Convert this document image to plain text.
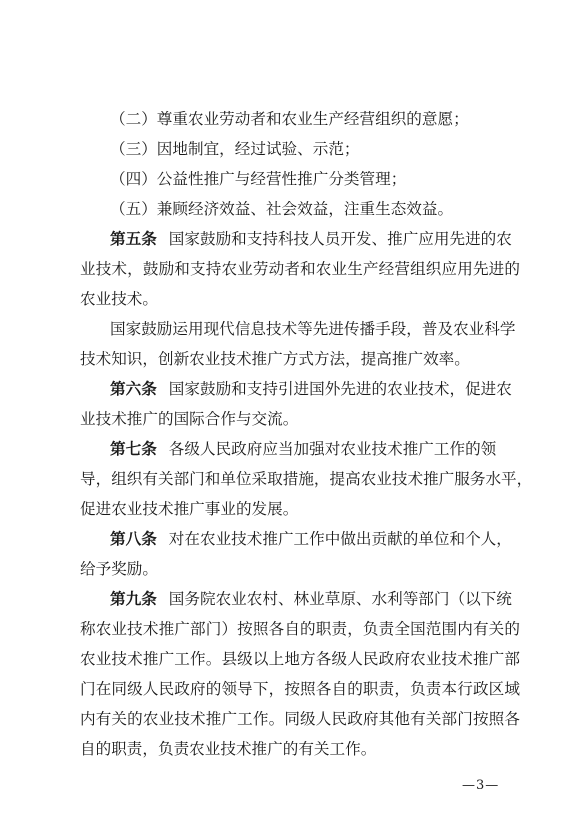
（二）尊重农业劳动者和农业生产经营组织的意愿；
（三）因地制宜，经过试验、示范；
（四）公益性推广与经营性推广分类管理；
（五）兼顾经济效益、社会效益，注重生态效益。
第五条 国家鼓励和支持科技人员开发、推广应用先进的农
业技术，鼓励和支持农业劳动者和农业生产经营组织应用先进的
农业技术。
国家鼓励运用现代信息技术等先进传播手段，普及农业科学
技术知识，创新农业技术推广方式方法，提高推广效率。
第六条 国家鼓励和支持引进国外先进的农业技术，促进农
业技术推广的国际合作与交流。
第七条 各级人民政府应当加强对农业技术推广工作的领
导，组织有关部门和单位采取措施，提高农业技术推广服务水平，
促进农业技术推广事业的发展。
第八条 对在农业技术推广工作中做出贡献的单位和个人，
给予奖励。
第九条 国务院农业农村、林业草原、水利等部门（以下统
称农业技术推广部门）按照各自的职责，负责全国范围内有关的
农业技术推广工作。县级以上地方各级人民政府农业技术推广部
门在同级人民政府的领导下，按照各自的职责，负责本行政区域
内有关的农业技术推广工作。同级人民政府其他有关部门按照各
自的职责，负责农业技术推广的有关工作。
—3—
